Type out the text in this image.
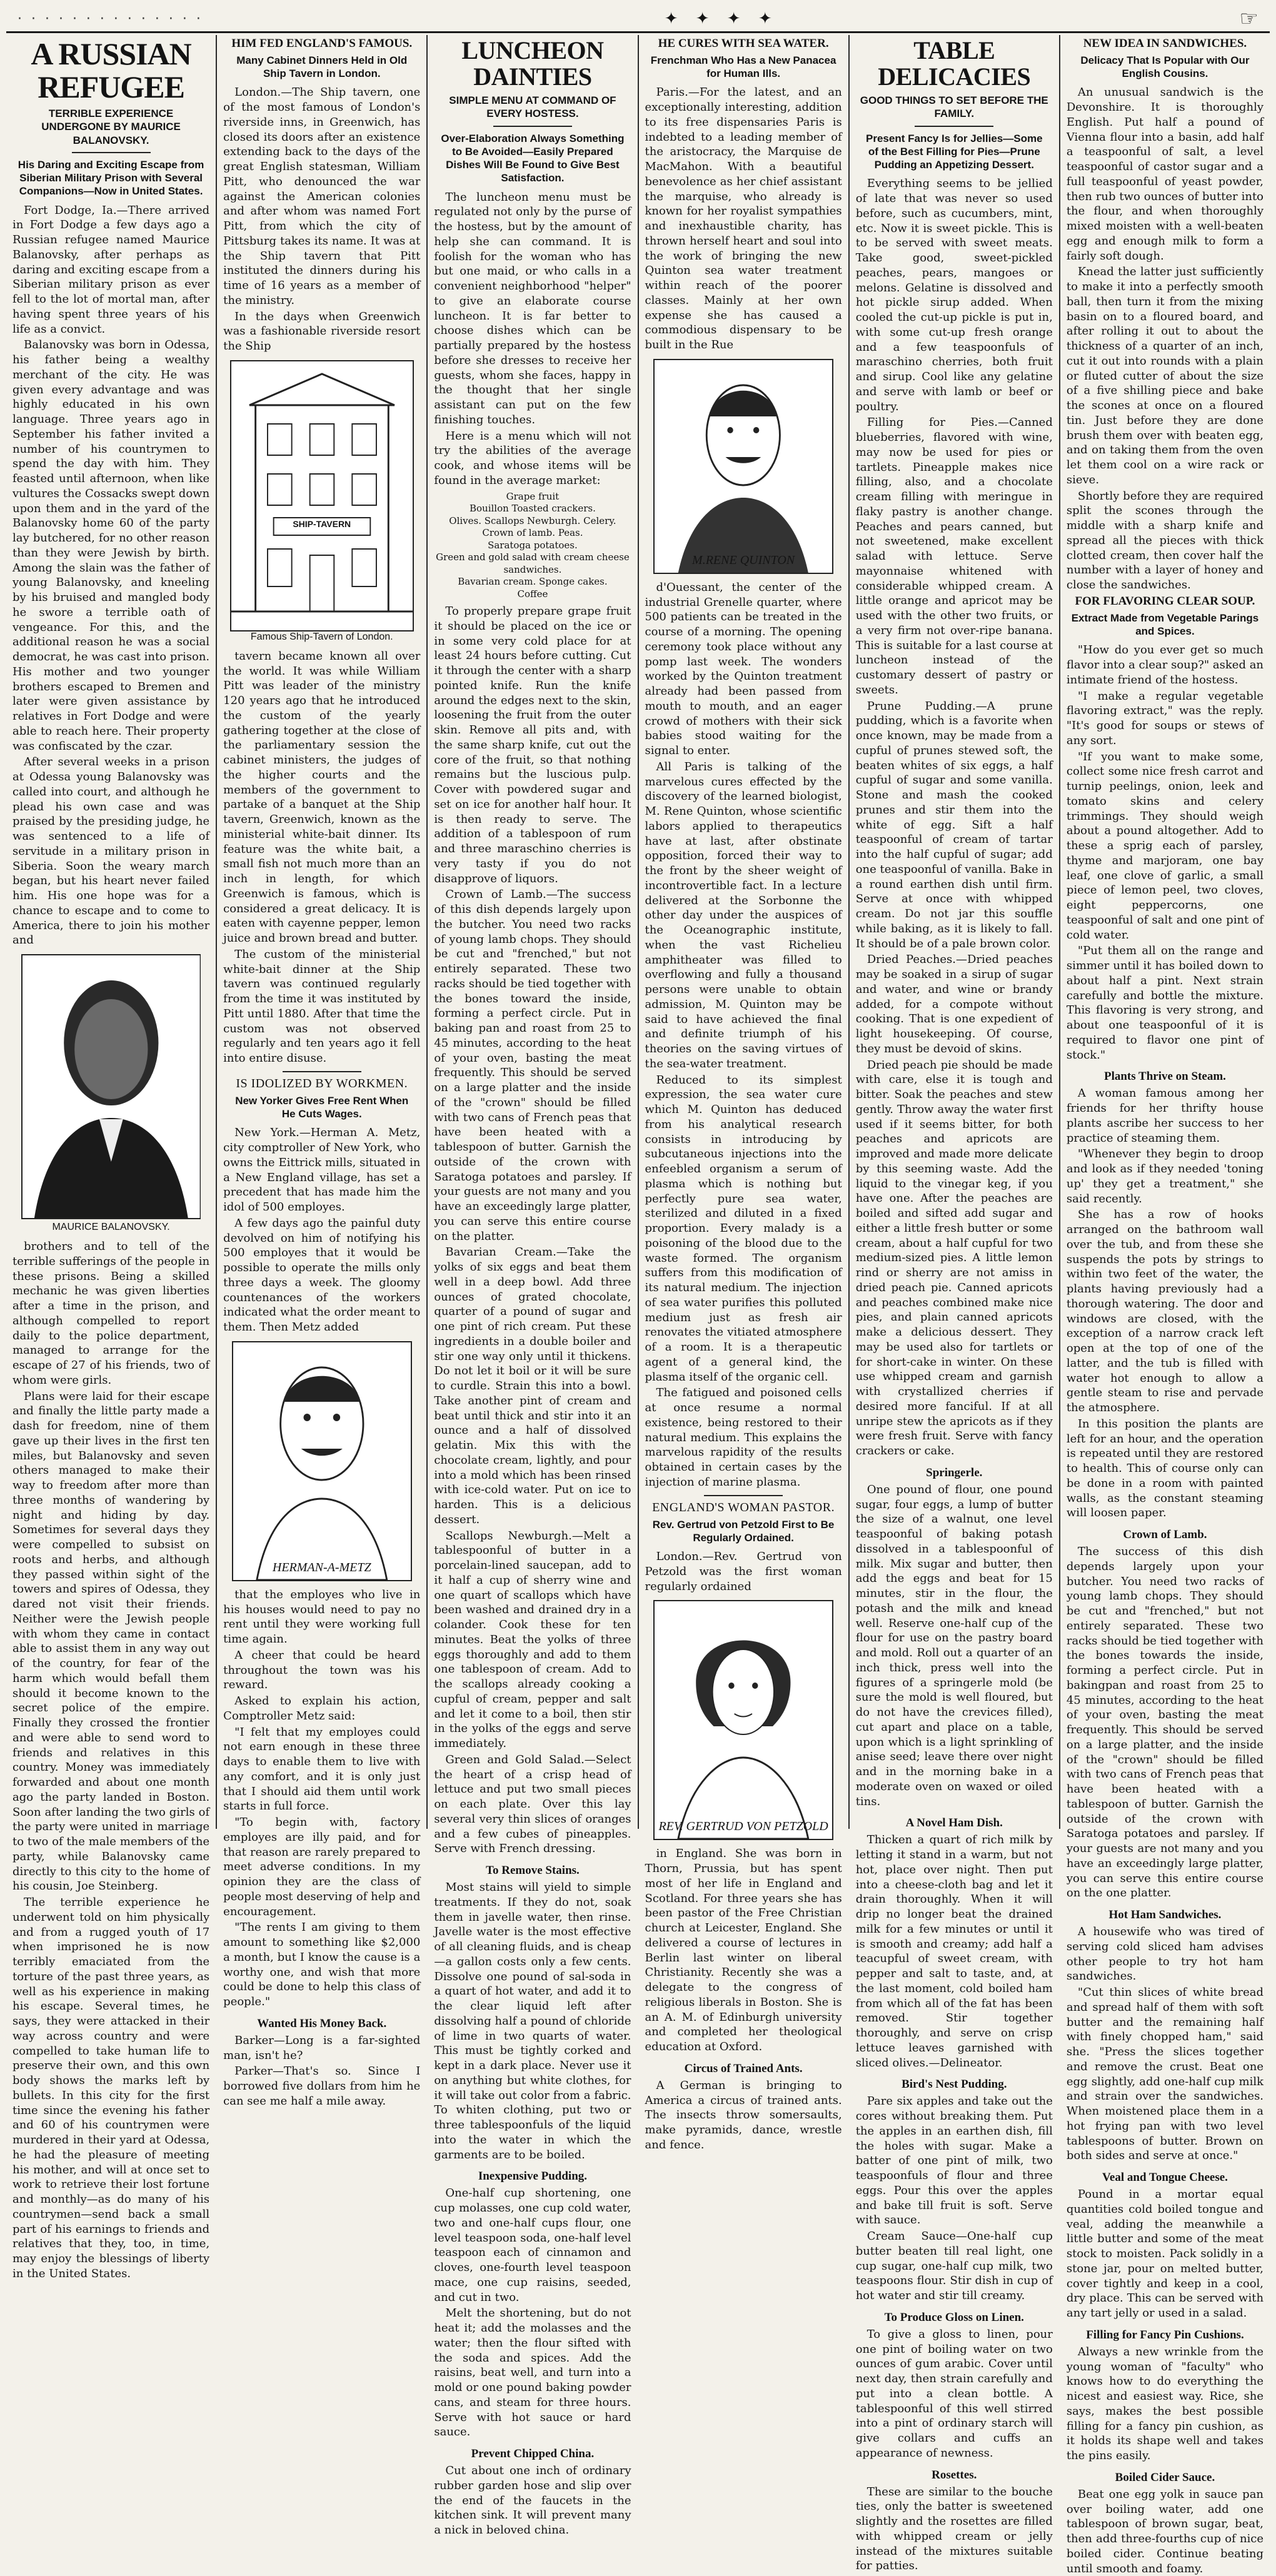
· · · · · · · · · · · · · ·	✦ ✦ ✦ ✦	☞
A RUSSIAN REFUGEE
TERRIBLE EXPERIENCE UNDERGONE BY MAURICE BALANOVSKY.
His Daring and Exciting Escape from Siberian Military Prison with Several Companions—Now in United States.

Fort Dodge, Ia.—There arrived in Fort Dodge a few days ago a Russian refugee named Maurice Balanovsky, after perhaps as daring and exciting escape from a Siberian military prison as ever fell to the lot of mortal man, after having spent three years of his life as a convict.

Balanovsky was born in Odessa, his father being a wealthy merchant of the city. He was given every advantage and was highly educated in his own language. Three years ago in September his father invited a number of his countrymen to spend the day with him. They feasted until afternoon, when like vultures the Cossacks swept down upon them and in the yard of the Balanovsky home 60 of the party lay butchered, for no other reason than they were Jewish by birth. Among the slain was the father of young Balanovsky, and kneeling by his bruised and mangled body he swore a terrible oath of vengeance. For this, and the additional reason he was a social democrat, he was cast into prison. His mother and two younger brothers escaped to Bremen and later were given assistance by relatives in Fort Dodge and were able to reach here. Their property was confiscated by the czar.

After several weeks in a prison at Odessa young Balanovsky was called into court, and although he plead his own case and was praised by the presiding judge, he was sentenced to a life of servitude in a military prison in Siberia. Soon the weary march began, but his heart never failed him. His one hope was for a chance to escape and to come to America, there to join his mother and

MAURICE BALANOVSKY.

brothers and to tell of the terrible sufferings of the people in these prisons. Being a skilled mechanic he was given liberties after a time in the prison, and although compelled to report daily to the police department, managed to arrange for the escape of 27 of his friends, two of whom were girls.

Plans were laid for their escape and finally the little party made a dash for freedom, nine of them gave up their lives in the first ten miles, but Balanovsky and seven others managed to make their way to freedom after more than three months of wandering by night and hiding by day. Sometimes for several days they were compelled to subsist on roots and herbs, and although they passed within sight of the towers and spires of Odessa, they dared not visit their friends. Neither were the Jewish people with whom they came in contact able to assist them in any way out of the country, for fear of the harm which would befall them should it become known to the secret police of the empire. Finally they crossed the frontier and were able to send word to friends and relatives in this country. Money was immediately forwarded and about one month ago the party landed in Boston. Soon after landing the two girls of the party were united in marriage to two of the male members of the party, while Balanovsky came directly to this city to the home of his cousin, Joe Steinberg.

The terrible experience he underwent told on him physically and from a rugged youth of 17 when imprisoned he is now terribly emaciated from the torture of the past three years, as well as his experience in making his escape. Several times, he says, they were attacked in their way across country and were compelled to take human life to preserve their own, and this own body shows the marks left by bullets. In this city for the first time since the evening his father and 60 of his countrymen were murdered in their yard at Odessa, he had the pleasure of meeting his mother, and will at once set to work to retrieve their lost fortune and monthly—as do many of his countrymen—send back a small part of his earnings to friends and relatives that they, too, in time, may enjoy the blessings of liberty in the United States.

HIM FED ENGLAND'S FAMOUS.
Many Cabinet Dinners Held in Old Ship Tavern in London.

London.—The Ship tavern, one of the most famous of London's riverside inns, in Greenwich, has closed its doors after an existence extending back to the days of the great English statesman, William Pitt, who denounced the war against the American colonies and after whom was named Fort Pitt, from which the city of Pittsburg takes its name. It was at the Ship tavern that Pitt instituted the dinners during his time of 16 years as a member of the ministry.

In the days when Greenwich was a fashionable riverside resort the Ship

SHIP-TAVERN
Famous Ship-Tavern of London.

tavern became known all over the world. It was while William Pitt was leader of the ministry 120 years ago that he introduced the custom of the yearly gathering together at the close of the parliamentary session the cabinet ministers, the judges of the higher courts and the members of the government to partake of a banquet at the Ship tavern, Greenwich, known as the ministerial white-bait dinner. Its feature was the white bait, a small fish not much more than an inch in length, for which Greenwich is famous, which is considered a great delicacy. It is eaten with cayenne pepper, lemon juice and brown bread and butter.

The custom of the ministerial white-bait dinner at the Ship tavern was continued regularly from the time it was instituted by Pitt until 1880. After that time the custom was not observed regularly and ten years ago it fell into entire disuse.

IS IDOLIZED BY WORKMEN.
New Yorker Gives Free Rent When He Cuts Wages.

New York.—Herman A. Metz, city comptroller of New York, who owns the Eittrick mills, situated in a New England village, has set a precedent that has made him the idol of 500 employes.

A few days ago the painful duty devolved on him of notifying his 500 employes that it would be possible to operate the mills only three days a week. The gloomy countenances of the workers indicated what the order meant to them. Then Metz added

HERMAN-A-METZ

that the employes who live in his houses would need to pay no rent until they were working full time again.

A cheer that could be heard throughout the town was his reward.

Asked to explain his action, Comptroller Metz said:

"I felt that my employes could not earn enough in these three days to enable them to live with any comfort, and it is only just that I should aid them until work starts in full force.

"To begin with, factory employes are illy paid, and for that reason are rarely prepared to meet adverse conditions. In my opinion they are the class of people most deserving of help and encouragement.

"The rents I am giving to them amount to something like $2,000 a month, but I know the cause is a worthy one, and wish that more could be done to help this class of people."

Wanted His Money Back.

Barker—Long is a far-sighted man, isn't he?

Parker—That's so. Since I borrowed five dollars from him he can see me half a mile away.

LUNCHEON DAINTIES
SIMPLE MENU AT COMMAND OF EVERY HOSTESS.
Over-Elaboration Always Something to Be Avoided—Easily Prepared Dishes Will Be Found to Give Best Satisfaction.

The luncheon menu must be regulated not only by the purse of the hostess, but by the amount of help she can command. It is foolish for the woman who has but one maid, or who calls in a convenient neighborhood "helper" to give an elaborate course luncheon. It is far better to choose dishes which can be partially prepared by the hostess before she dresses to receive her guests, whom she faces, happy in the thought that her single assistant can put on the few finishing touches.

Here is a menu which will not try the abilities of the average cook, and whose items will be found in the average market:

Grape fruit
Bouillon Toasted crackers.
Olives. Scallops Newburgh. Celery.
Crown of lamb. Peas.
Saratoga potatoes.
Green and gold salad with cream cheese sandwiches.
Bavarian cream. Sponge cakes.
Coffee

To properly prepare grape fruit it should be placed on the ice or in some very cold place for at least 24 hours before cutting. Cut it through the center with a sharp pointed knife. Run the knife around the edges next to the skin, loosening the fruit from the outer skin. Remove all pits and, with the same sharp knife, cut out the core of the fruit, so that nothing remains but the luscious pulp. Cover with powdered sugar and set on ice for another half hour. It is then ready to serve. The addition of a tablespoon of rum and three maraschino cherries is very tasty if you do not disapprove of liquors.

Crown of Lamb.—The success of this dish depends largely upon the butcher. You need two racks of young lamb chops. They should be cut and "frenched," but not entirely separated. These two racks should be tied together with the bones toward the inside, forming a perfect circle. Put in baking pan and roast from 25 to 45 minutes, according to the heat of your oven, basting the meat frequently. This should be served on a large platter and the inside of the "crown" should be filled with two cans of French peas that have been heated with a tablespoon of butter. Garnish the outside of the crown with Saratoga potatoes and parsley. If your guests are not many and you have an exceedingly large platter, you can serve this entire course on the platter.

Bavarian Cream.—Take the yolks of six eggs and beat them well in a deep bowl. Add three ounces of grated chocolate, quarter of a pound of sugar and one pint of rich cream. Put these ingredients in a double boiler and stir one way only until it thickens. Do not let it boil or it will be sure to curdle. Strain this into a bowl. Take another pint of cream and beat until thick and stir into it an ounce and a half of dissolved gelatin. Mix this with the chocolate cream, lightly, and pour into a mold which has been rinsed with ice-cold water. Put on ice to harden. This is a delicious dessert.

Scallops Newburgh.—Melt a tablespoonful of butter in a porcelain-lined saucepan, add to it half a cup of sherry wine and one quart of scallops which have been washed and drained dry in a colander. Cook these for ten minutes. Beat the yolks of three eggs thoroughly and add to them one tablespoon of cream. Add to the scallops already cooking a cupful of cream, pepper and salt and let it come to a boil, then stir in the yolks of the eggs and serve immediately.

Green and Gold Salad.—Select the heart of a crisp head of lettuce and put two small pieces on each plate. Over this lay several very thin slices of oranges and a few cubes of pineapples. Serve with French dressing.

To Remove Stains.

Most stains will yield to simple treatments. If they do not, soak them in javelle water, then rinse. Javelle water is the most effective of all cleaning fluids, and is cheap—a gallon costs only a few cents. Dissolve one pound of sal-soda in a quart of hot water, and add it to the clear liquid left after dissolving half a pound of chloride of lime in two quarts of water. This must be tightly corked and kept in a dark place. Never use it on anything but white clothes, for it will take out color from a fabric. To whiten clothing, put two or three tablespoonfuls of the liquid into the water in which the garments are to be boiled.

Inexpensive Pudding.

One-half cup shortening, one cup molasses, one cup cold water, two and one-half cups flour, one level teaspoon soda, one-half level teaspoon each of cinnamon and cloves, one-fourth level teaspoon mace, one cup raisins, seeded, and cut in two.

Melt the shortening, but do not heat it; add the molasses and the water; then the flour sifted with the soda and spices. Add the raisins, beat well, and turn into a mold or one pound baking powder cans, and steam for three hours. Serve with hot sauce or hard sauce.

Prevent Chipped China.

Cut about one inch of ordinary rubber garden hose and slip over the end of the faucets in the kitchen sink. It will prevent many a nick in beloved china.

HE CURES WITH SEA WATER.
Frenchman Who Has a New Panacea for Human Ills.

Paris.—For the latest, and an exceptionally interesting, addition to its free dispensaries Paris is indebted to a leading member of the aristocracy, the Marquise de MacMahon. With a beautiful benevolence as her chief assistant the marquise, who already is known for her royalist sympathies and inexhaustible charity, has thrown herself heart and soul into the work of bringing the new Quinton sea water treatment within reach of the poorer classes. Mainly at her own expense she has caused a commodious dispensary to be built in the Rue

M.RENE QUINTON

d'Ouessant, the center of the industrial Grenelle quarter, where 500 patients can be treated in the course of a morning. The opening ceremony took place without any pomp last week. The wonders worked by the Quinton treatment already had been passed from mouth to mouth, and an eager crowd of mothers with their sick babies stood waiting for the signal to enter.

All Paris is talking of the marvelous cures effected by the discovery of the learned biologist, M. Rene Quinton, whose scientific labors applied to therapeutics have at last, after obstinate opposition, forced their way to the front by the sheer weight of incontrovertible fact. In a lecture delivered at the Sorbonne the other day under the auspices of the Oceanographic institute, when the vast Richelieu amphitheater was filled to overflowing and fully a thousand persons were unable to obtain admission, M. Quinton may be said to have achieved the final and definite triumph of his theories on the saving virtues of the sea-water treatment.

Reduced to its simplest expression, the sea water cure which M. Quinton has deduced from his analytical research consists in introducing by subcutaneous injections into the enfeebled organism a serum of plasma which is nothing but perfectly pure sea water, sterilized and diluted in a fixed proportion. Every malady is a poisoning of the blood due to the waste formed. The organism suffers from this modification of its natural medium. The injection of sea water purifies this polluted medium just as fresh air renovates the vitiated atmosphere of a room. It is a therapeutic agent of a general kind, the plasma itself of the organic cell.

The fatigued and poisoned cells at once resume a normal existence, being restored to their natural medium. This explains the marvelous rapidity of the results obtained in certain cases by the injection of marine plasma.

ENGLAND'S WOMAN PASTOR.
Rev. Gertrud von Petzold First to Be Regularly Ordained.

London.—Rev. Gertrud von Petzold was the first woman regularly ordained

REV. GERTRUD VON PETZOLD

in England. She was born in Thorn, Prussia, but has spent most of her life in England and Scotland. For three years she has been pastor of the Free Christian church at Leicester, England. She delivered a course of lectures in Berlin last winter on liberal Christianity. Recently she was a delegate to the congress of religious liberals in Boston. She is an A. M. of Edinburgh university and completed her theological education at Oxford.

Circus of Trained Ants.

A German is bringing to America a circus of trained ants. The insects throw somersaults, make pyramids, dance, wrestle and fence.

TABLE DELICACIES
GOOD THINGS TO SET BEFORE THE FAMILY.
Present Fancy Is for Jellies—Some of the Best Filling for Pies—Prune Pudding an Appetizing Dessert.

Everything seems to be jellied of late that was never so used before, such as cucumbers, mint, etc. Now it is sweet pickle. This is to be served with sweet meats. Take good, sweet-pickled peaches, pears, mangoes or melons. Gelatine is dissolved and hot pickle sirup added. When cooled the cut-up pickle is put in, with some cut-up fresh orange and a few teaspoonfuls of maraschino cherries, both fruit and sirup. Cool like any gelatine and serve with lamb or beef or poultry.

Filling for Pies.—Canned blueberries, flavored with wine, may now be used for pies or tartlets. Pineapple makes nice filling, also, and a chocolate cream filling with meringue in flaky pastry is another change. Peaches and pears canned, but not sweetened, make excellent salad with lettuce. Serve mayonnaise whitened with considerable whipped cream. A little orange and apricot may be used with the other two fruits, or a very firm not over-ripe banana. This is suitable for a last course at luncheon instead of the customary dessert of pastry or sweets.

Prune Pudding.—A prune pudding, which is a favorite when once known, may be made from a cupful of prunes stewed soft, the beaten whites of six eggs, a half cupful of sugar and some vanilla. Stone and mash the cooked prunes and stir them into the white of egg. Sift a half teaspoonful of cream of tartar into the half cupful of sugar; add one teaspoonful of vanilla. Bake in a round earthen dish until firm. Serve at once with whipped cream. Do not jar this souffle while baking, as it is likely to fall. It should be of a pale brown color.

Dried Peaches.—Dried peaches may be soaked in a sirup of sugar and water, and wine or brandy added, for a compote without cooking. That is one expedient of light housekeeping. Of course, they must be devoid of skins.

Dried peach pie should be made with care, else it is tough and bitter. Soak the peaches and stew gently. Throw away the water first used if it seems bitter, for both peaches and apricots are improved and made more delicate by this seeming waste. Add the liquid to the vinegar keg, if you have one. After the peaches are boiled and sifted add sugar and either a little fresh butter or some cream, about a half cupful for two medium-sized pies. A little lemon rind or sherry are not amiss in dried peach pie. Canned apricots and peaches combined make nice pies, and plain canned apricots make a delicious dessert. They may be used also for tartlets or for short-cake in winter. On these use whipped cream and garnish with crystallized cherries if desired more fanciful. If at all unripe stew the apricots as if they were fresh fruit. Serve with fancy crackers or cake.

Springerle.

One pound of flour, one pound sugar, four eggs, a lump of butter the size of a walnut, one level teaspoonful of baking potash dissolved in a tablespoonful of milk. Mix sugar and butter, then add the eggs and beat for 15 minutes, stir in the flour, the potash and the milk and knead well. Reserve one-half cup of the flour for use on the pastry board and mold. Roll out a quarter of an inch thick, press well into the figures of a springerle mold (be sure the mold is well floured, but do not have the crevices filled), cut apart and place on a table, upon which is a light sprinkling of anise seed; leave there over night and in the morning bake in a moderate oven on waxed or oiled tins.

A Novel Ham Dish.

Thicken a quart of rich milk by letting it stand in a warm, but not hot, place over night. Then put into a cheese-cloth bag and let it drain thoroughly. When it will drip no longer beat the drained milk for a few minutes or until it is smooth and creamy; add half a teacupful of sweet cream, with pepper and salt to taste, and, at the last moment, cold boiled ham from which all of the fat has been removed. Stir together thoroughly, and serve on crisp lettuce leaves garnished with sliced olives.—Delineator.

Bird's Nest Pudding.

Pare six apples and take out the cores without breaking them. Put the apples in an earthen dish, fill the holes with sugar. Make a batter of one pint of milk, two teaspoonfuls of flour and three eggs. Pour this over the apples and bake till fruit is soft. Serve with sauce.

Cream Sauce—One-half cup butter beaten till real light, one cup sugar, one-half cup milk, two teaspoons flour. Stir dish in cup of hot water and stir till creamy.

To Produce Gloss on Linen.

To give a gloss to linen, pour one pint of boiling water on two ounces of gum arabic. Cover until next day, then strain carefully and put into a clean bottle. A tablespoonful of this well stirred into a pint of ordinary starch will give collars and cuffs an appearance of newness.

Rosettes.

These are similar to the bouche ties, only the batter is sweetened slightly and the rosettes are filled with whipped cream or jelly instead of the mixtures suitable for patties.

NEW IDEA IN SANDWICHES.
Delicacy That Is Popular with Our English Cousins.

An unusual sandwich is the Devonshire. It is thoroughly English. Put half a pound of Vienna flour into a basin, add half a teaspoonful of salt, a level teaspoonful of castor sugar and a full teaspoonful of yeast powder, then rub two ounces of butter into the flour, and when thoroughly mixed moisten with a well-beaten egg and enough milk to form a fairly soft dough.

Knead the latter just sufficiently to make it into a perfectly smooth ball, then turn it from the mixing basin on to a floured board, and after rolling it out to about the thickness of a quarter of an inch, cut it out into rounds with a plain or fluted cutter of about the size of a five shilling piece and bake the scones at once on a floured tin. Just before they are done brush them over with beaten egg, and on taking them from the oven let them cool on a wire rack or sieve.

Shortly before they are required split the scones through the middle with a sharp knife and spread all the pieces with thick clotted cream, then cover half the number with a layer of honey and close the sandwiches.

FOR FLAVORING CLEAR SOUP.
Extract Made from Vegetable Parings and Spices.

"How do you ever get so much flavor into a clear soup?" asked an intimate friend of the hostess.

"I make a regular vegetable flavoring extract," was the reply. "It's good for soups or stews of any sort.

"If you want to make some, collect some nice fresh carrot and turnip peelings, onion, leek and tomato skins and celery trimmings. They should weigh about a pound altogether. Add to these a sprig each of parsley, thyme and marjoram, one bay leaf, one clove of garlic, a small piece of lemon peel, two cloves, eight peppercorns, one teaspoonful of salt and one pint of cold water.

"Put them all on the range and simmer until it has boiled down to about half a pint. Next strain carefully and bottle the mixture. This flavoring is very strong, and about one teaspoonful of it is required to flavor one pint of stock."

Plants Thrive on Steam.

A woman famous among her friends for her thrifty house plants ascribe her success to her practice of steaming them.

"Whenever they begin to droop and look as if they needed 'toning up' they get a treatment," she said recently.

She has a row of hooks arranged on the bathroom wall over the tub, and from these she suspends the pots by strings to within two feet of the water, the plants having previously had a thorough watering. The door and windows are closed, with the exception of a narrow crack left open at the top of one of the latter, and the tub is filled with water hot enough to allow a gentle steam to rise and pervade the atmosphere.

In this position the plants are left for an hour, and the operation is repeated until they are restored to health. This of course only can be done in a room with painted walls, as the constant steaming will loosen paper.

Crown of Lamb.

The success of this dish depends largely upon your butcher. You need two racks of young lamb chops. They should be cut and "frenched," but not entirely separated. These two racks should be tied together with the bones towards the inside, forming a perfect circle. Put in bakingpan and roast from 25 to 45 minutes, according to the heat of your oven, basting the meat frequently. This should be served on a large platter, and the inside of the "crown" should be filled with two cans of French peas that have been heated with a tablespoon of butter. Garnish the outside of the crown with Saratoga potatoes and parsley. If your guests are not many and you have an exceedingly large platter, you can serve this entire course on the one platter.

Hot Ham Sandwiches.

A housewife who was tired of serving cold sliced ham advises other people to try hot ham sandwiches.

"Cut thin slices of white bread and spread half of them with soft butter and the remaining half with finely chopped ham," said she. "Press the slices together and remove the crust. Beat one egg slightly, add one-half cup milk and strain over the sandwiches. When moistened place them in a hot frying pan with two level tablespoons of butter. Brown on both sides and serve at once."

Veal and Tongue Cheese.

Pound in a mortar equal quantities cold boiled tongue and veal, adding the meanwhile a little butter and some of the meat stock to moisten. Pack solidly in a stone jar, pour on melted butter, cover tightly and keep in a cool, dry place. This can be served with any tart jelly or used in a salad.

Filling for Fancy Pin Cushions.

Always a new wrinkle from the young woman of "faculty" who knows how to do everything the nicest and easiest way. Rice, she says, makes the best possible filling for a fancy pin cushion, as it holds its shape well and takes the pins easily.

Boiled Cider Sauce.

Beat one egg yolk in sauce pan over boiling water, add one tablespoon of brown sugar, beat, then add three-fourths cup of nice boiled cider. Continue beating until smooth and foamy.
